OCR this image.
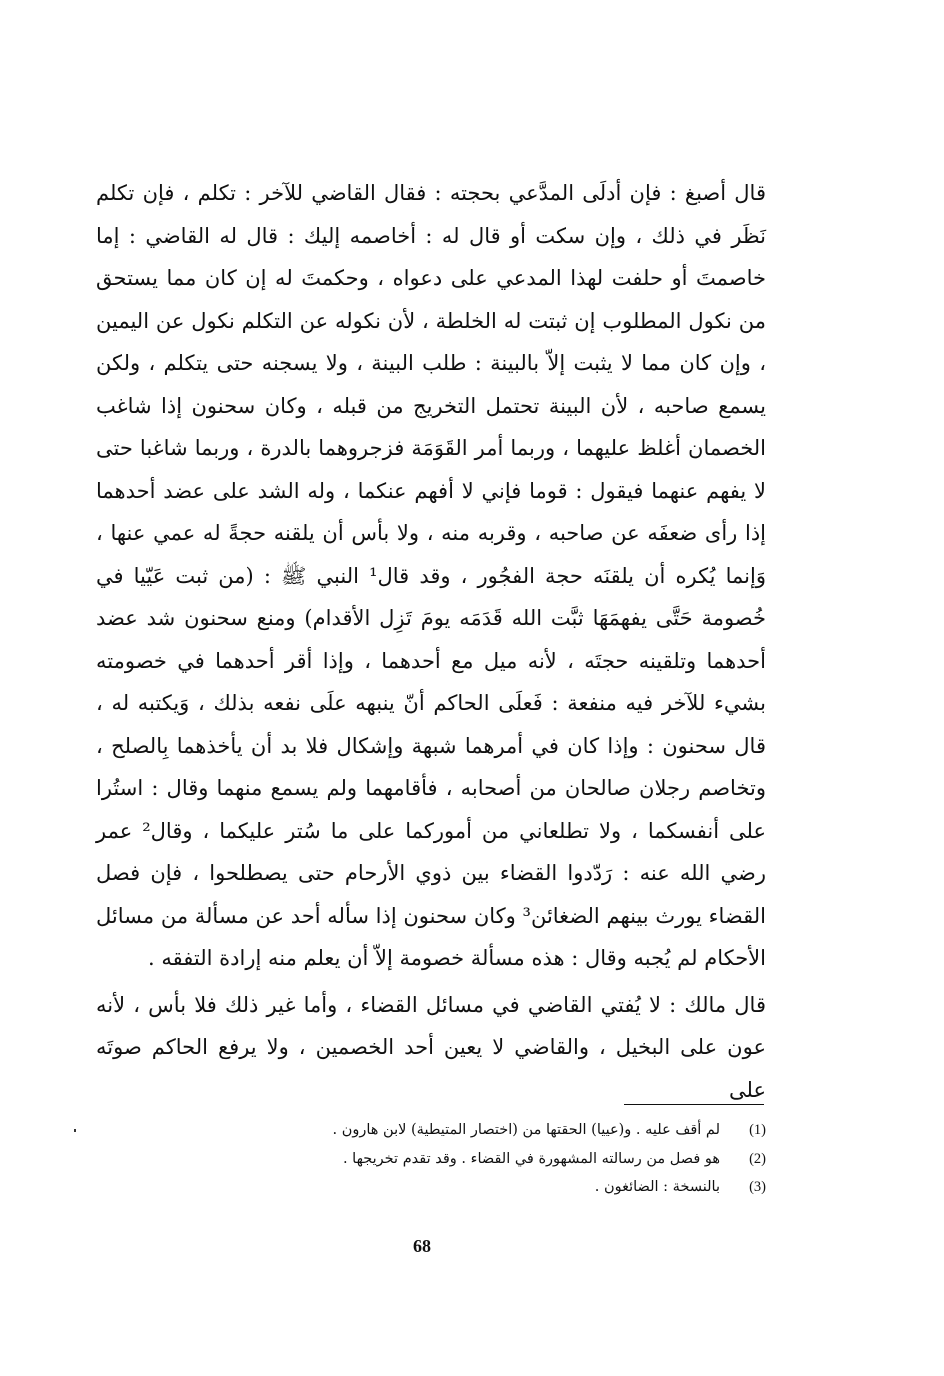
قال أصبغ : فإن أدلَى المدَّعي بحجته : فقال القاضي للآخر : تكلم ، فإن تكلم نَظَر في ذلك ، وإن سكت أو قال له : أخاصمه إليك : قال له القاضي : إما خاصمتَ أو حلفت لهذا المدعي على دعواه ، وحكمتَ له إن كان مما يستحق من نكول المطلوب إن ثبتت له الخلطة ، لأن نكوله عن التكلم نكول عن اليمين ، وإن كان مما لا يثبت إلاّ بالبينة : طلب البينة ، ولا يسجنه حتى يتكلم ، ولكن يسمع صاحبه ، لأن البينة تحتمل التخريج من قبله ، وكان سحنون إذا شاغب الخصمان أغلظ عليهما ، وربما أمر القَوَمَة فزجروهما بالدرة ، وربما شاغبا حتى لا يفهم عنهما فيقول : قوما فإني لا أفهم عنكما ، وله الشد على عضد أحدهما إذا رأى ضعفَه عن صاحبه ، وقربه منه ، ولا بأس أن يلقنه حجةً له عمي عنها ، وَإنما يُكره أن يلقنَه حجة الفجُور ، وقد قال¹ النبي ﷺ : (من ثبت عَيّيا في خُصومة حَتَّى يفهمَهَا ثبَّت الله قَدَمَه يومَ تَزِل الأقدام) ومنع سحنون شد عضد أحدهما وتلقينه حجتَه ، لأنه ميل مع أحدهما ، وإذا أقر أحدهما في خصومته بشيء للآخر فيه منفعة : فَعلَى الحاكم أنّ ينبهه علَى نفعه بذلك ، وَيكتبه له ، قال سحنون : وإذا كان في أمرهما شبهة وإشكال فلا بد أن يأخذهما بِالصلح ، وتخاصم رجلان صالحان من أصحابه ، فأقامهما ولم يسمع منهما وقال : استُرا على أنفسكما ، ولا تطلعاني من أموركما على ما سُتر عليكما ، وقال² عمر رضي الله عنه : رَدّدوا القضاء بين ذوي الأرحام حتى يصطلحوا ، فإن فصل القضاء يورث بينهم الضغائن³ وكان سحنون إذا سأله أحد عن مسألة من مسائل الأحكام لم يُجبه وقال : هذه مسألة خصومة إلاّ أن يعلم منه إرادة التفقه .

قال مالك : لا يُفتي القاضي في مسائل القضاء ، وأما غير ذلك فلا بأس ، لأنه عون على البخيل ، والقاضي لا يعين أحد الخصمين ، ولا يرفع الحاكم صوتَه على

(1)
لم أقف عليه . و(عييا) الحقتها من (اختصار المتيطية) لابن هارون .
(2)
هو فصل من رسالته المشهورة في القضاء . وقد تقدم تخريجها .
(3)
بالنسخة : الضائغون .
68
